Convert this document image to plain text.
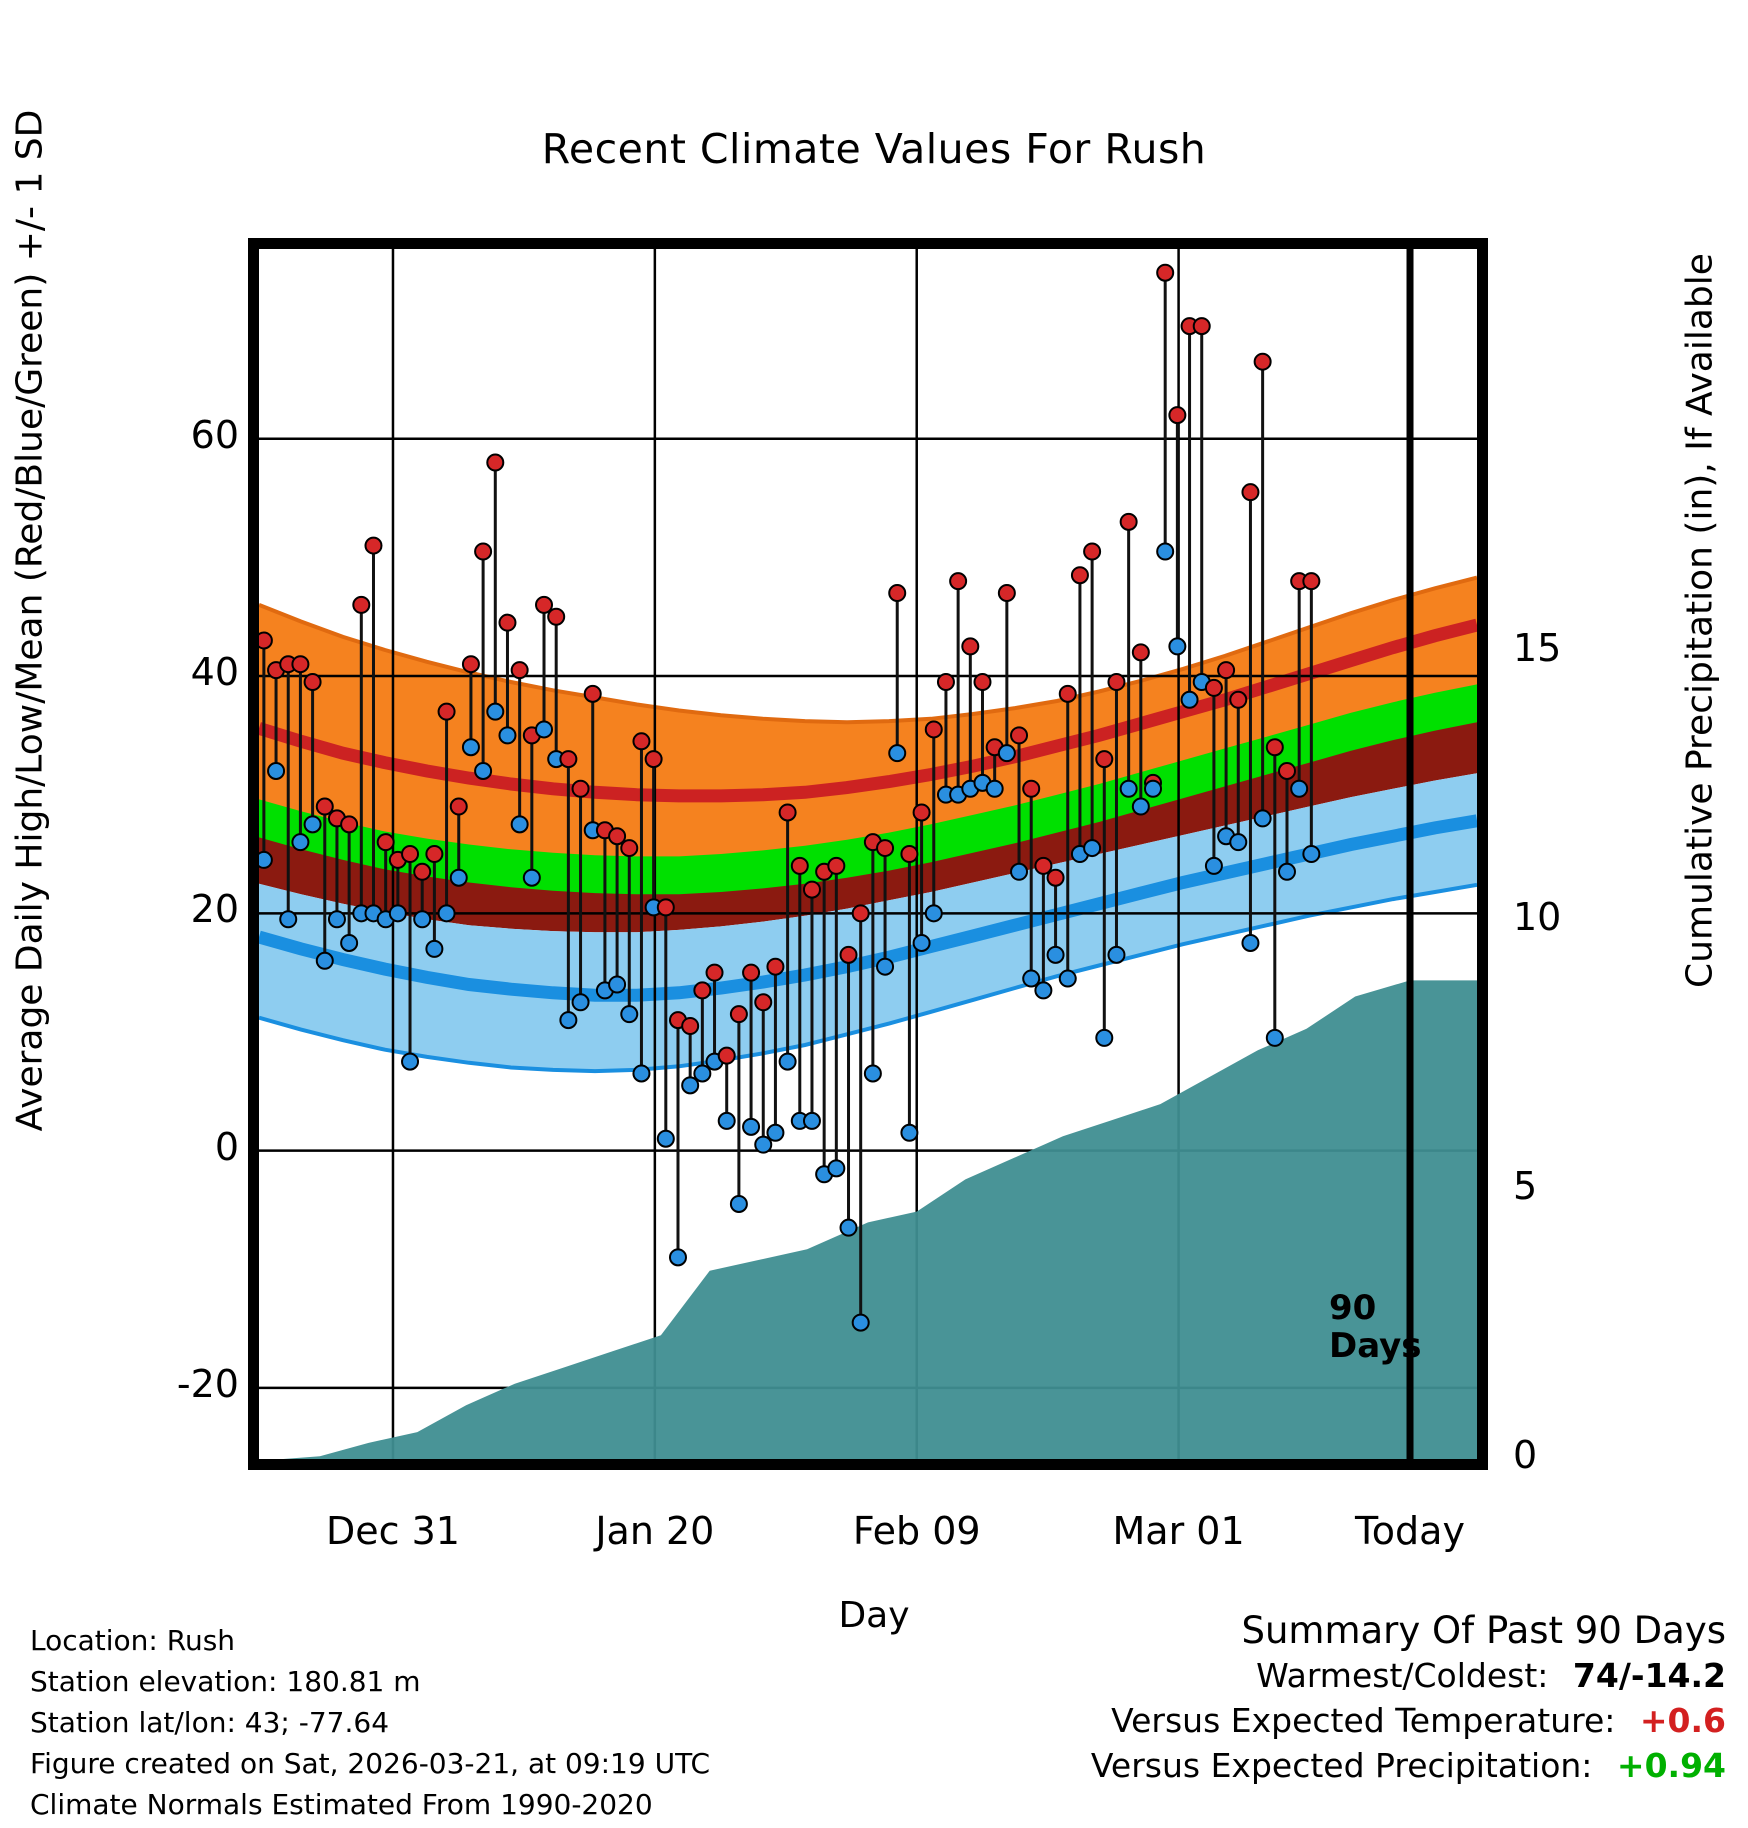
Recent Climate Values For Rush
Average Daily High/Low/Mean (Red/Blue/Green) +/- 1 SD	Cumulative Precipitation (in), If Available
Day
90
Days
-20
0
20
40
60
0
5
10
15
Dec 31	Jan 20	Feb 09	Mar 01	Today
Location: Rush
Station elevation: 180.81 m
Station lat/lon: 43; -77.64
Figure created on Sat, 2026-03-21, at 09:19 UTC
Climate Normals Estimated From 1990-2020
Summary Of Past 90 Days
Warmest/Coldest: 74/-14.2
Versus Expected Temperature: +0.6
Versus Expected Precipitation: +0.94
